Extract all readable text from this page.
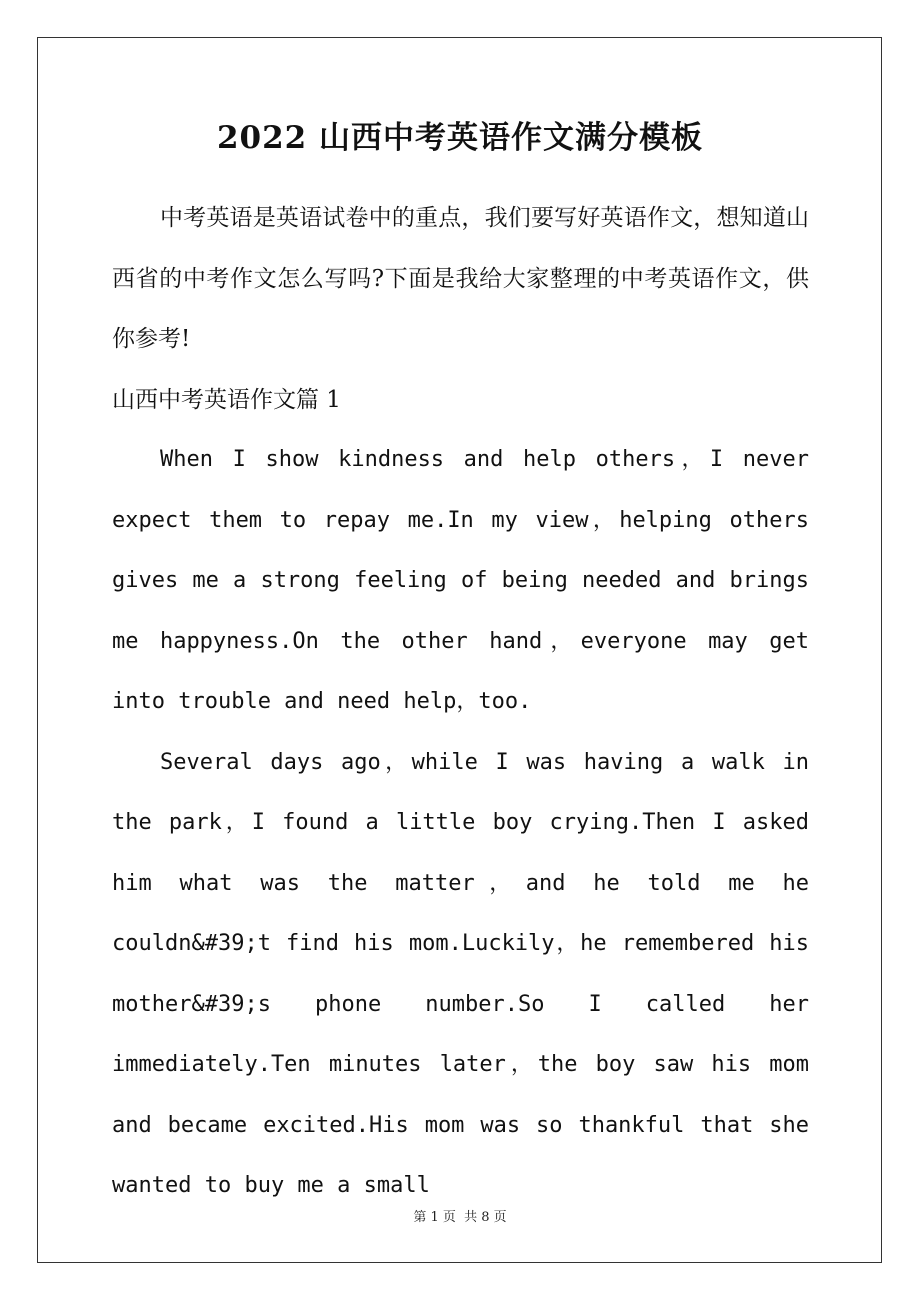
2022 山西中考英语作文满分模板

中考英语是英语试卷中的重点，我们要写好英语作文，想知道山西省的中考作文怎么写吗?下面是我给大家整理的中考英语作文，供你参考!

山西中考英语作文篇 1

When I show kindness and help others，I never expect them to repay me.In my view，helping others gives me a strong feeling of being needed and brings me happyness.On the other hand，everyone may get into trouble and need help，too.

Several days ago，while I was having a walk in the park，I found a little boy crying.Then I asked him what was the matter，and he told me he couldn&#39;t find his mom.Luckily，he remembered his mother&#39;s phone number.So I called her immediately.Ten minutes later，the boy saw his mom and became excited.His mom was so thankful that she wanted to buy me a small

第 1 页 共 8 页
